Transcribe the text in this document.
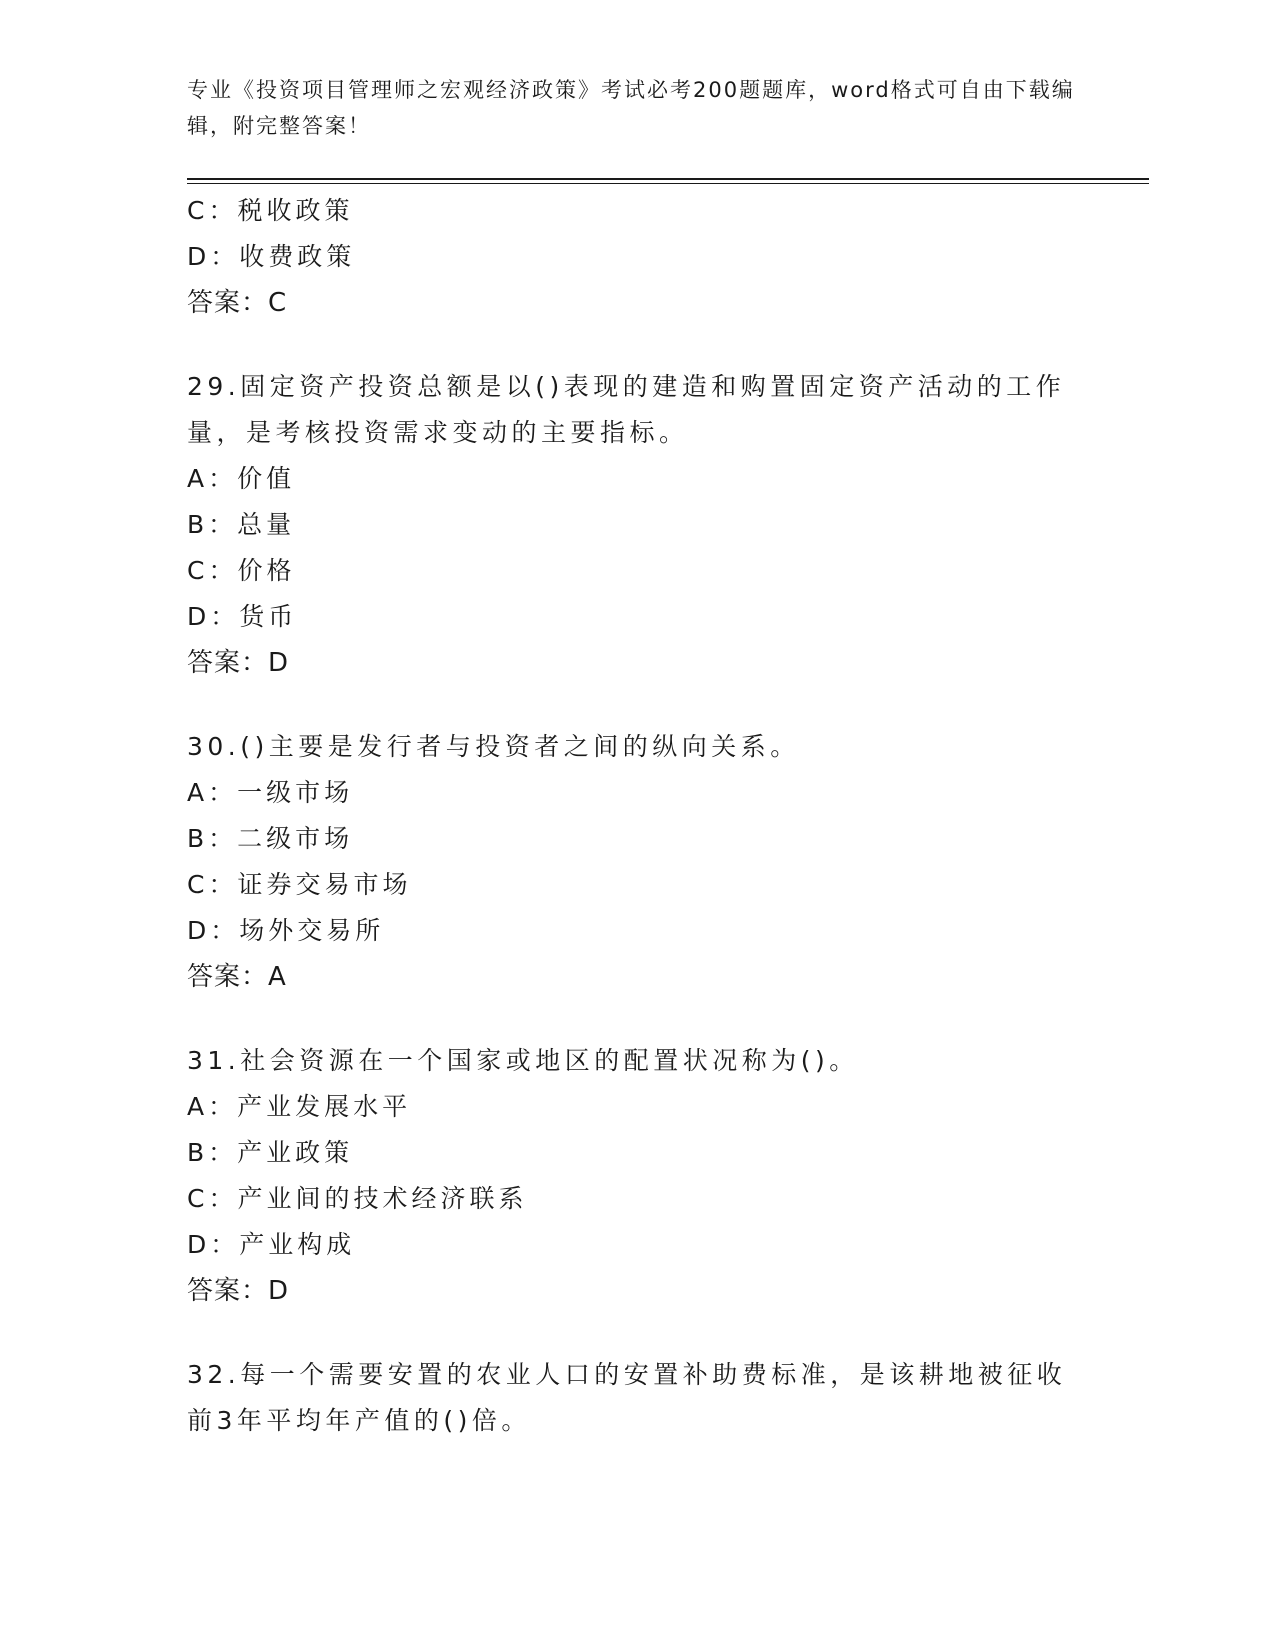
专业《投资项目管理师之宏观经济政策》考试必考200题题库，word格式可自由下载编辑，附完整答案！
C：税收政策
D：收费政策
答案：C
29.固定资产投资总额是以()表现的建造和购置固定资产活动的工作量，是考核投资需求变动的主要指标。
A：价值
B：总量
C：价格
D：货币
答案：D
30.()主要是发行者与投资者之间的纵向关系。
A：一级市场
B：二级市场
C：证券交易市场
D：场外交易所
答案：A
31.社会资源在一个国家或地区的配置状况称为()。
A：产业发展水平
B：产业政策
C：产业间的技术经济联系
D：产业构成
答案：D
32.每一个需要安置的农业人口的安置补助费标准，是该耕地被征收前3年平均年产值的()倍。
